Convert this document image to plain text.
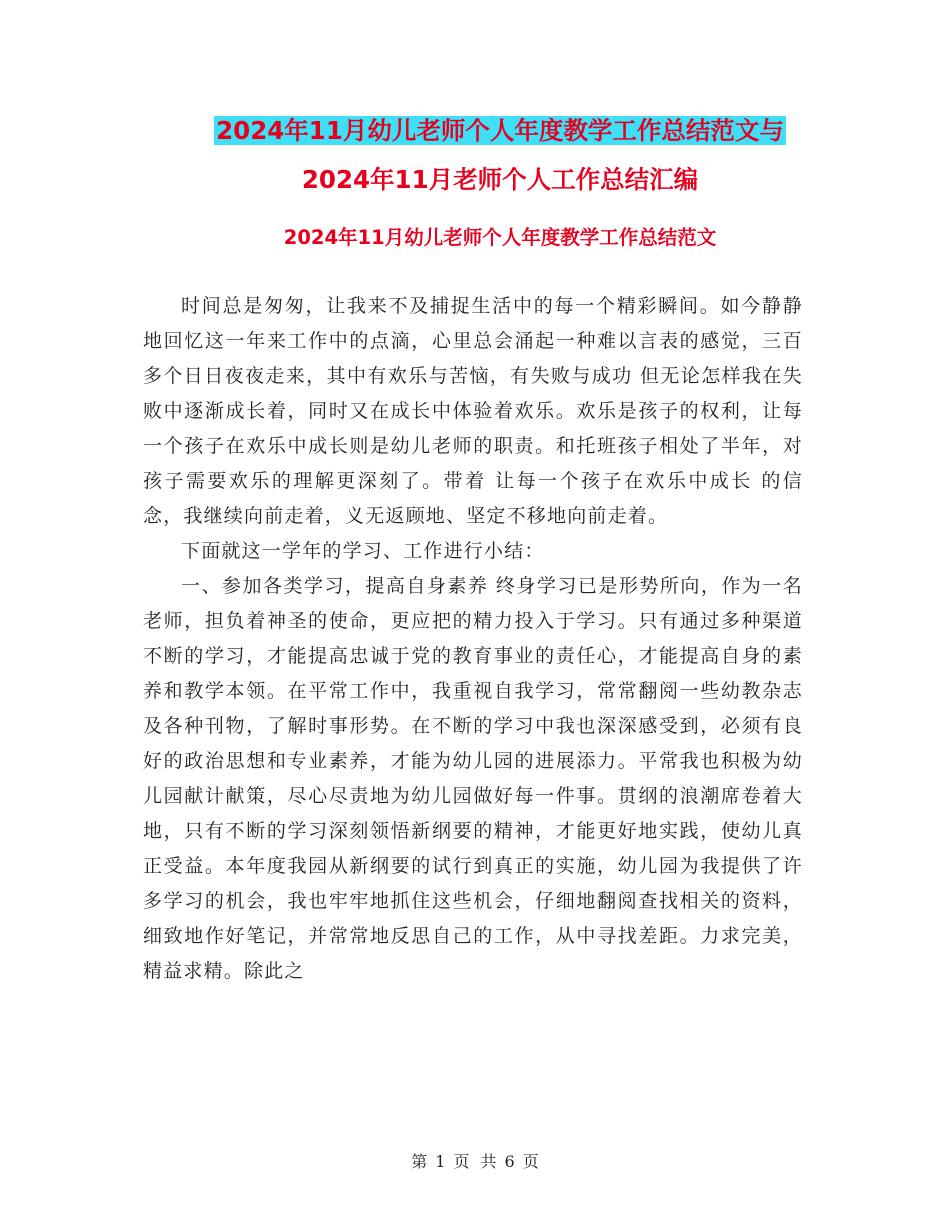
2024年11月幼儿老师个人年度教学工作总结范文与
2024年11月老师个人工作总结汇编
2024年11月幼儿老师个人年度教学工作总结范文

时间总是匆匆，让我来不及捕捉生活中的每一个精彩瞬间。如今静静地回忆这一年来工作中的点滴，心里总会涌起一种难以言表的感觉，三百多个日日夜夜走来，其中有欢乐与苦恼，有失败与成功 但无论怎样我在失败中逐渐成长着，同时又在成长中体验着欢乐。欢乐是孩子的权利，让每一个孩子在欢乐中成长则是幼儿老师的职责。和托班孩子相处了半年，对孩子需要欢乐的理解更深刻了。带着 让每一个孩子在欢乐中成长 的信念，我继续向前走着，义无返顾地、坚定不移地向前走着。

下面就这一学年的学习、工作进行小结：

一、参加各类学习，提高自身素养 终身学习已是形势所向，作为一名老师，担负着神圣的使命，更应把的精力投入于学习。只有通过多种渠道不断的学习，才能提高忠诚于党的教育事业的责任心，才能提高自身的素养和教学本领。在平常工作中，我重视自我学习，常常翻阅一些幼教杂志及各种刊物，了解时事形势。在不断的学习中我也深深感受到，必须有良好的政治思想和专业素养，才能为幼儿园的进展添力。平常我也积极为幼儿园献计献策，尽心尽责地为幼儿园做好每一件事。贯纲的浪潮席卷着大地，只有不断的学习深刻领悟新纲要的精神，才能更好地实践，使幼儿真正受益。本年度我园从新纲要的试行到真正的实施，幼儿园为我提供了许多学习的机会，我也牢牢地抓住这些机会，仔细地翻阅查找相关的资料，细致地作好笔记，并常常地反思自己的工作，从中寻找差距。力求完美，精益求精。除此之

第 1 页 共 6 页
